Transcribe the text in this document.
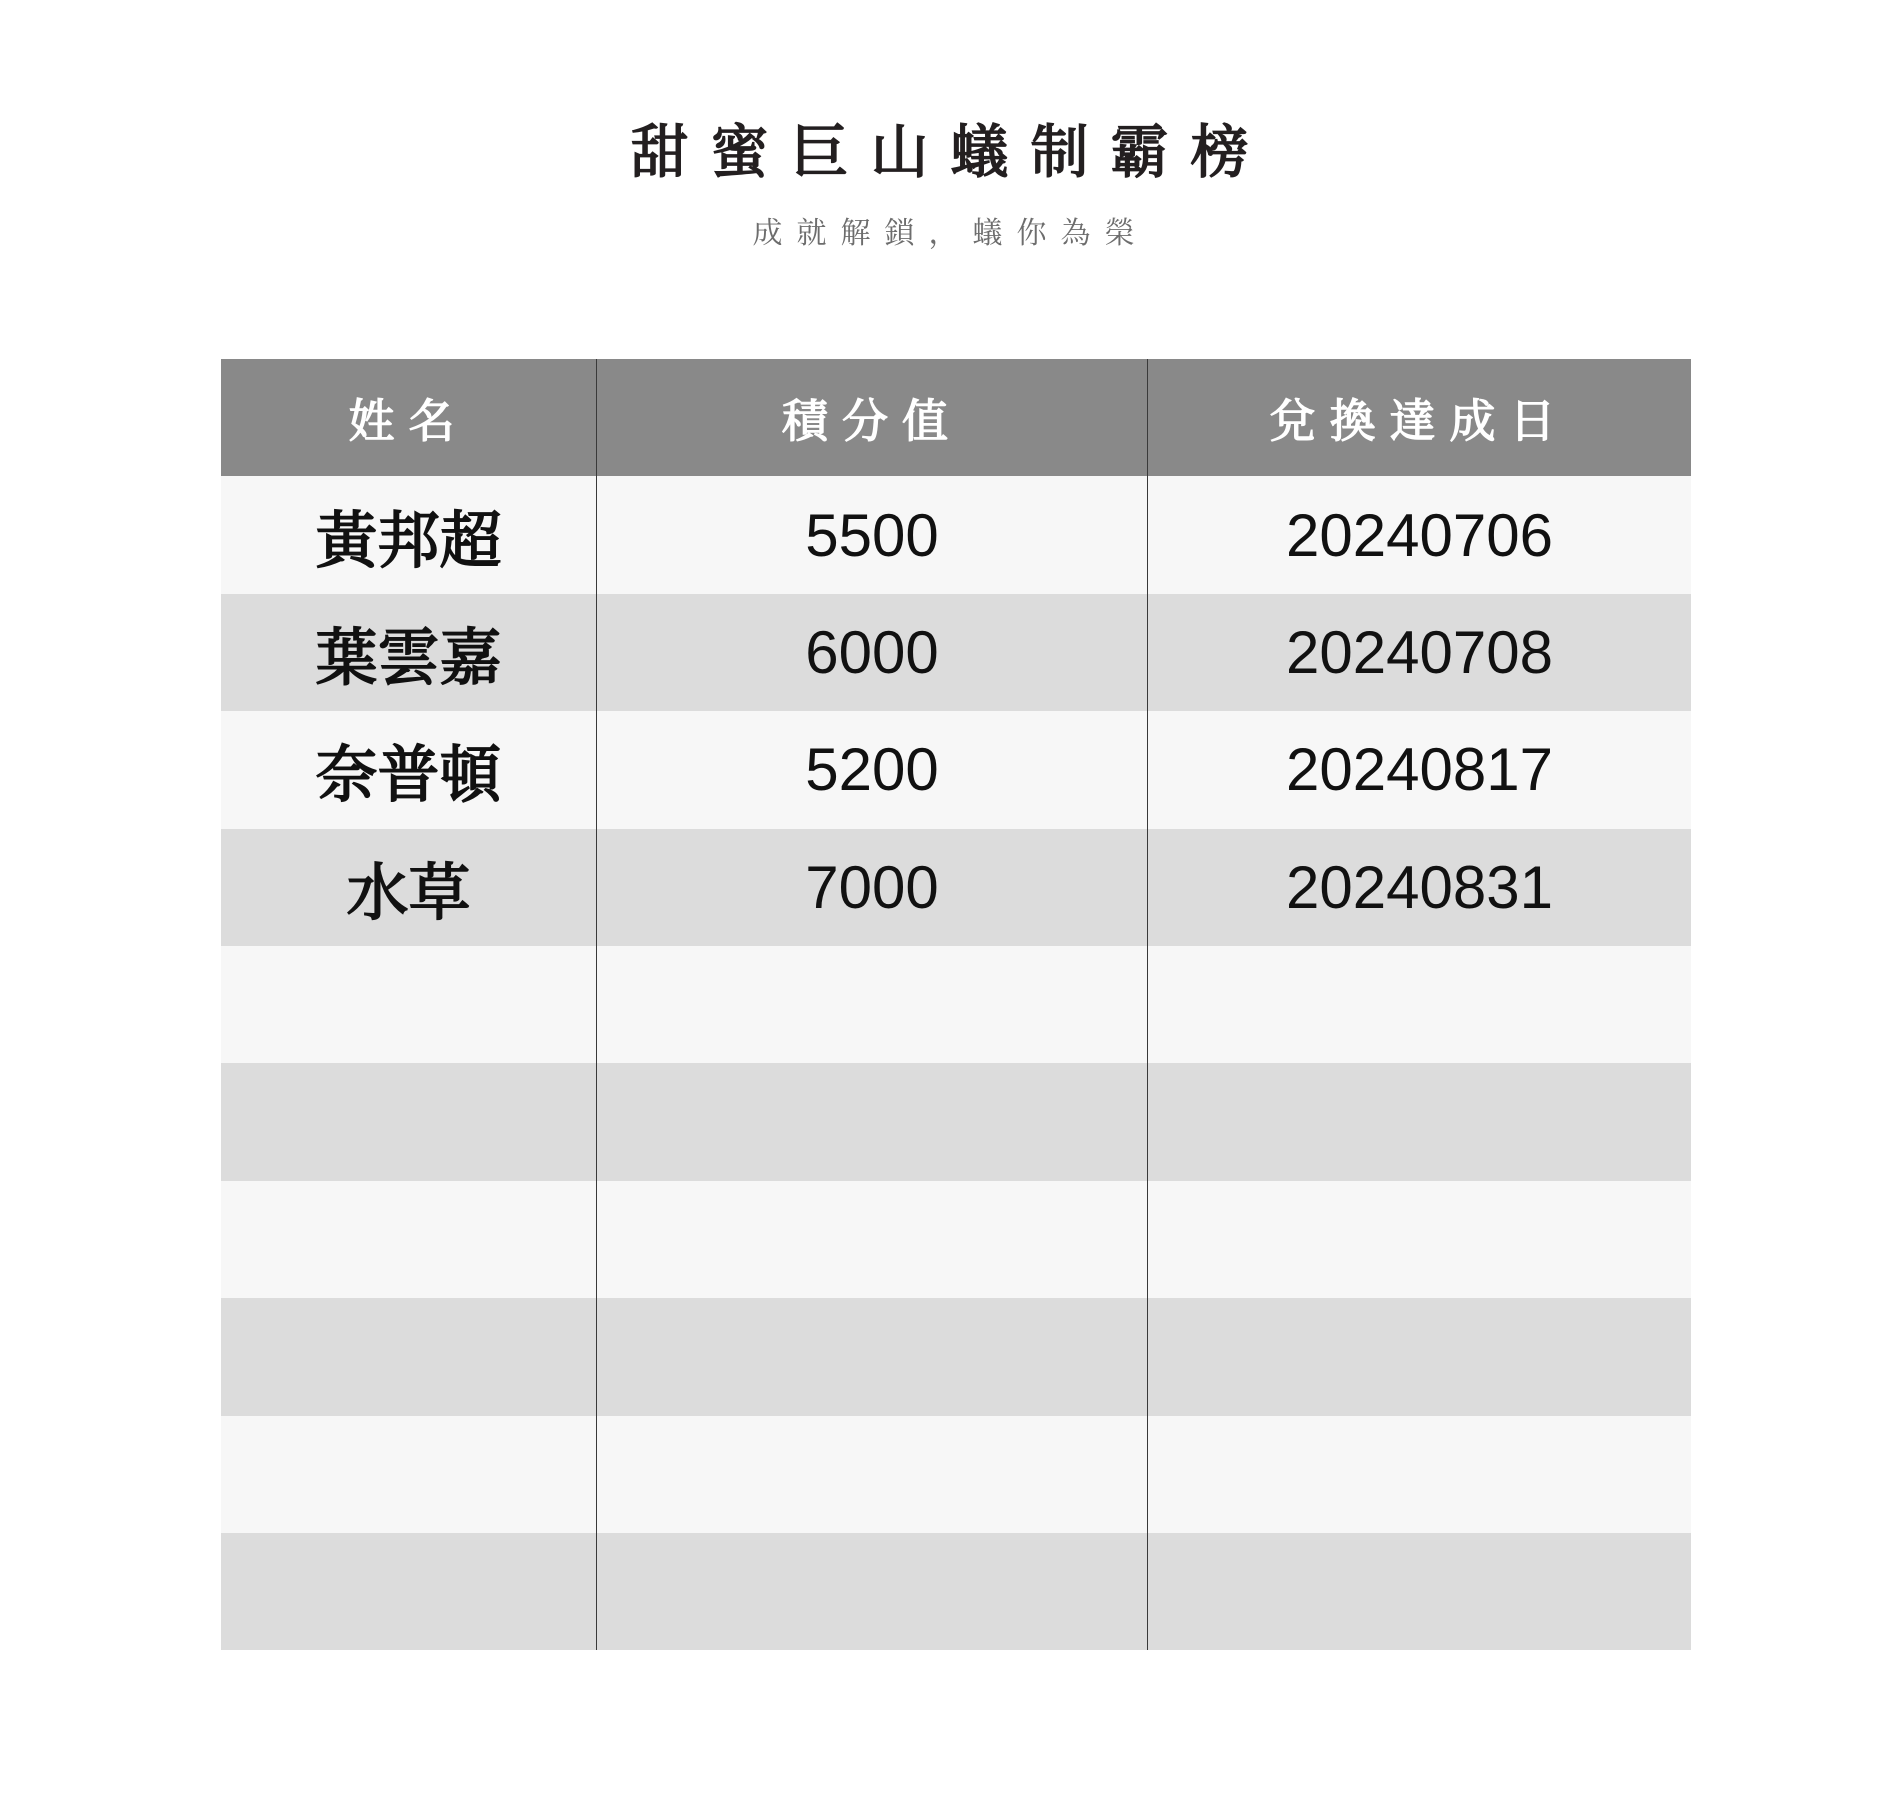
甜蜜巨山蟻制霸榜
成就解鎖，蟻你為榮
姓名	積分值	兌換達成日
黃邦超	5500	20240706
葉雲嘉	6000	20240708
奈普頓	5200	20240817
水草	7000	20240831
